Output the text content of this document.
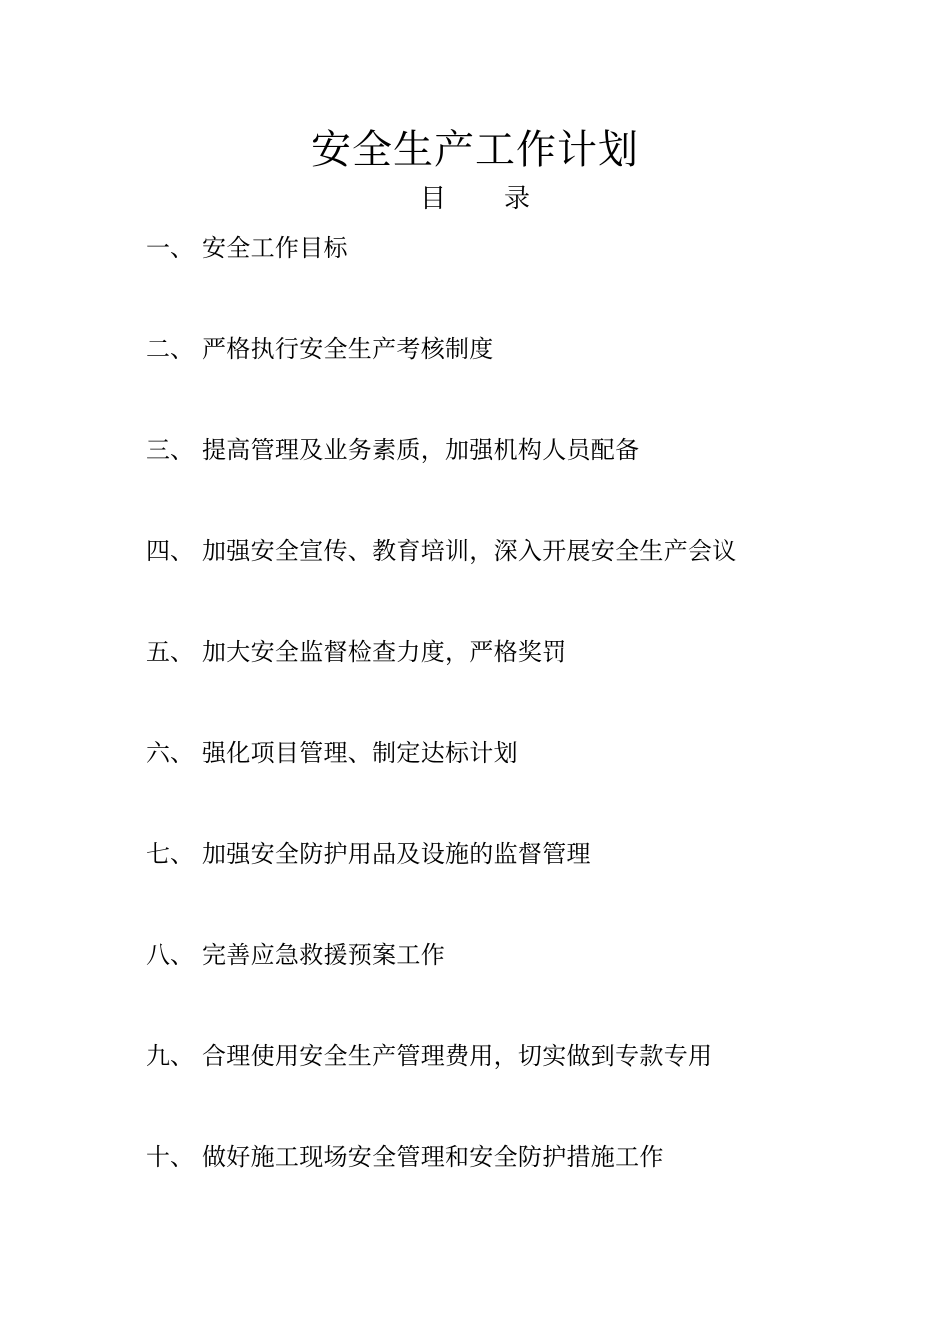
安全生产工作计划
目 录
一、 安全工作目标
二、 严格执行安全生产考核制度
三、 提高管理及业务素质，加强机构人员配备
四、 加强安全宣传、教育培训，深入开展安全生产会议
五、 加大安全监督检查力度，严格奖罚
六、 强化项目管理、制定达标计划
七、 加强安全防护用品及设施的监督管理
八、 完善应急救援预案工作
九、 合理使用安全生产管理费用，切实做到专款专用
十、 做好施工现场安全管理和安全防护措施工作
